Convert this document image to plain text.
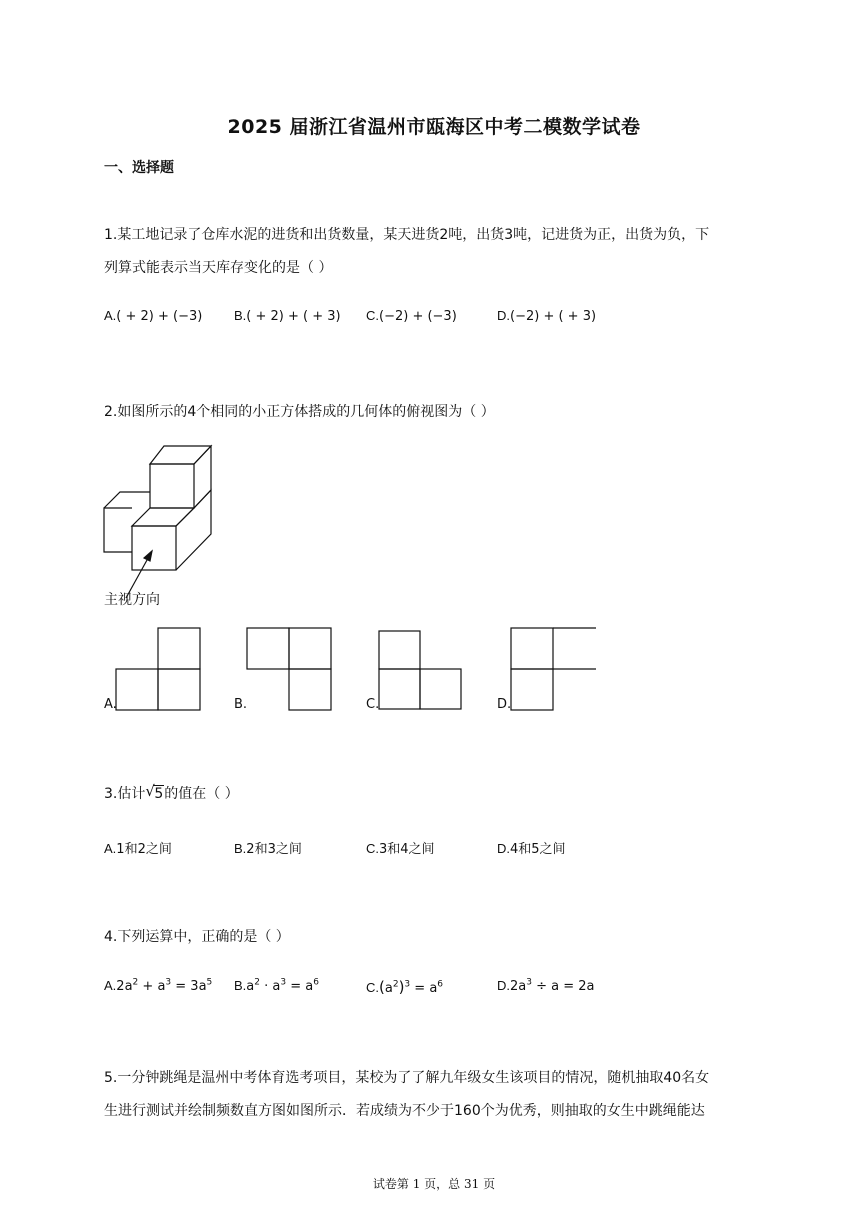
2025 届浙江省温州市瓯海区中考二模数学试卷
一、选择题
1.某工地记录了仓库水泥的进货和出货数量，某天进货2吨，出货3吨，记进货为正，出货为负，下
列算式能表示当天库存变化的是（ ）
A.( + 2) + (−3) B.( + 2) + ( + 3) C.(−2) + (−3)	D.(−2) + ( + 3)
2.如图所示的4个相同的小正方体搭成的几何体的俯视图为（ ）
主视方向
A.	B.	C.	D.
3.估计 √ 5的值在（ ）
A.1和2之间	B.2和3之间	C.3和4之间	D.4和5之间
4.下列运算中，正确的是（ ）
$A.2a^2 + a^3 = 3a^5$ $B.a^2 \cdot a^3 = a^6$	$C.(a^2)^3 = a^6$	$D.2a^3 \div a = 2a$
5.一分钟跳绳是温州中考体育选考项目，某校为了了解九年级女生该项目的情况，随机抽取40名女
生进行测试并绘制频数直方图如图所示．若成绩为不少于160个为优秀，则抽取的女生中跳绳能达
试卷第 1 页，总 31 页
